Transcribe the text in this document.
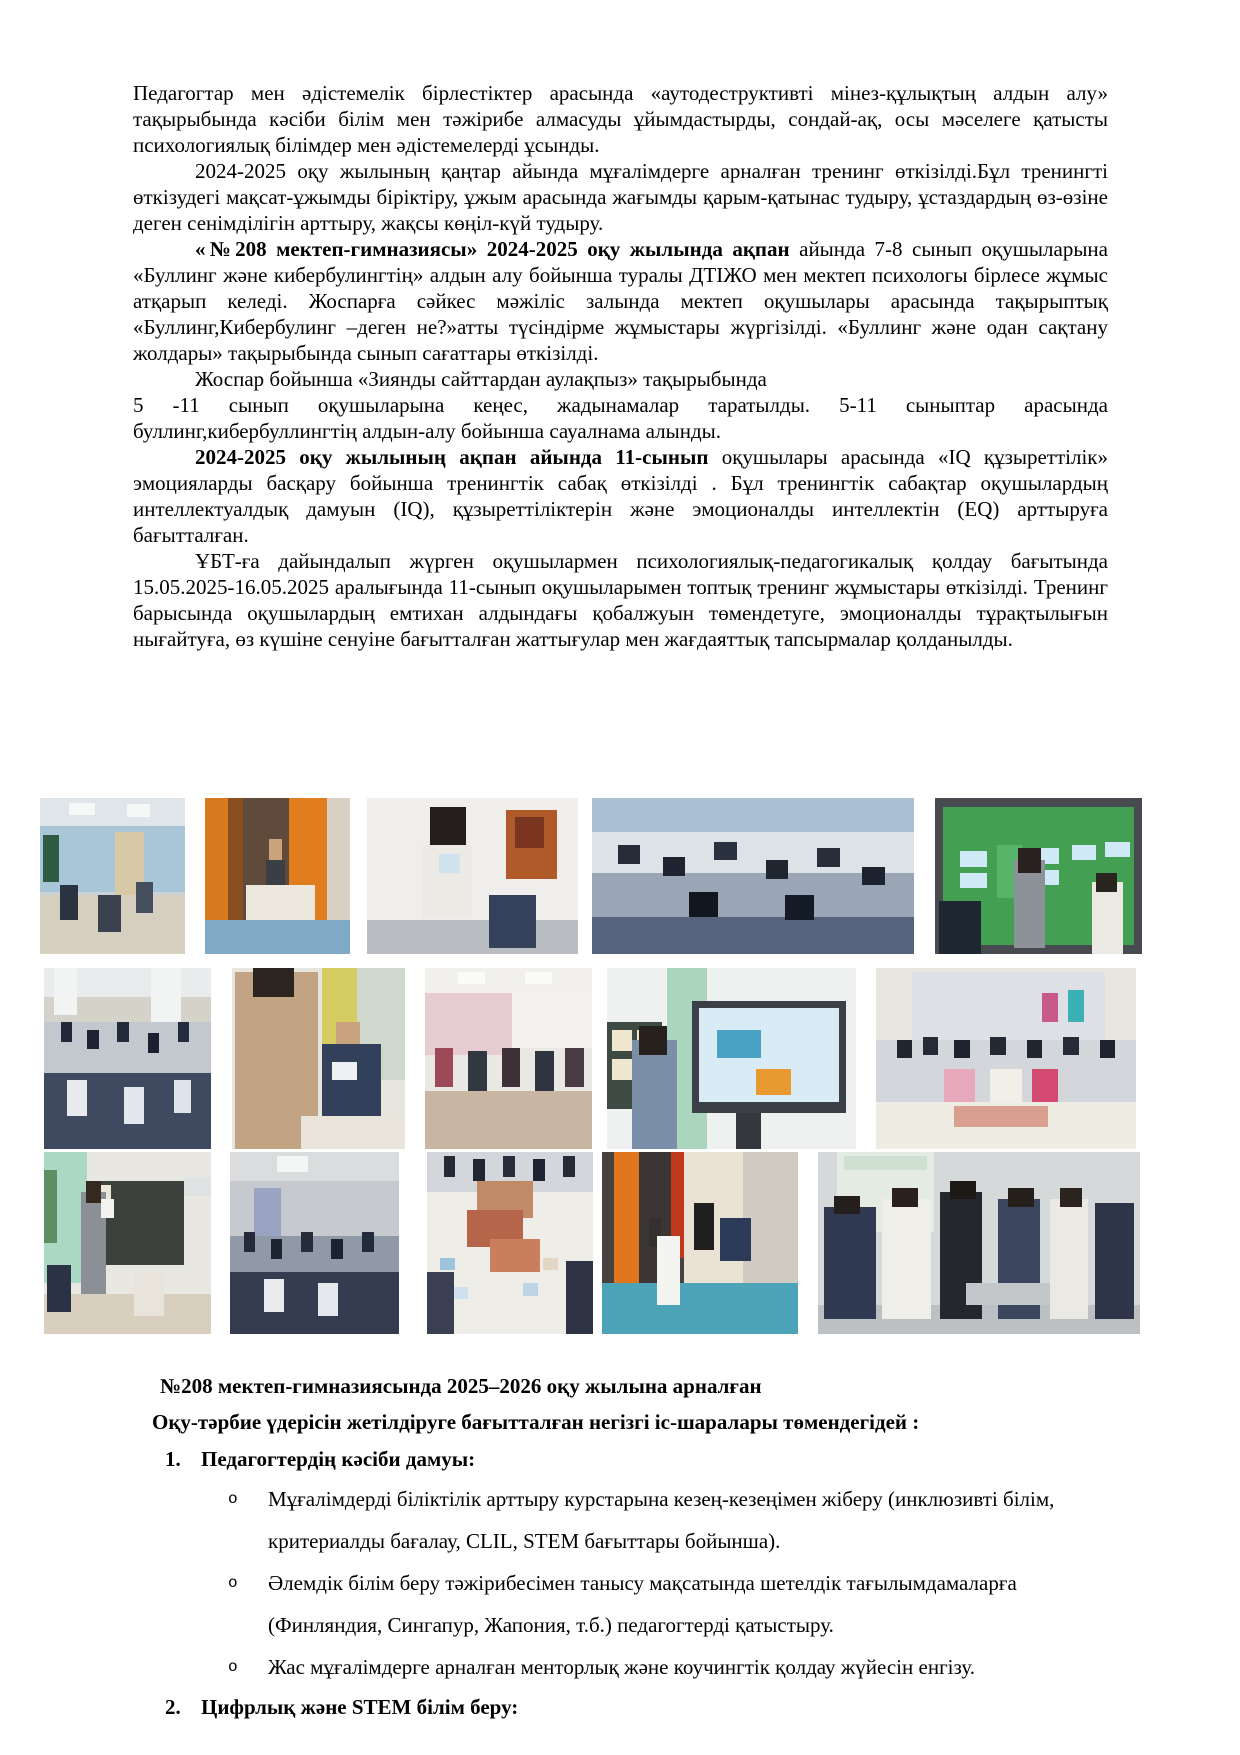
Педагогтар мен әдістемелік бірлестіктер арасында «аутодеструктивті мінез-құлықтың алдын алу» тақырыбында кәсіби білім мен тәжірибе алмасуды ұйымдастырды, сондай-ақ, осы мәселеге қатысты психологиялық білімдер мен әдістемелерді ұсынды.

2024-2025 оқу жылының қаңтар айында мұғалімдерге арналған тренинг өткізілді.Бұл тренингті өткізудегі мақсат-ұжымды біріктіру, ұжым арасында жағымды қарым-қатынас тудыру, ұстаздардың өз-өзіне деген сенімділігін арттыру, жақсы көңіл-күй тудыру.

«№208 мектеп-гимназиясы» 2024-2025 оқу жылында ақпан айында 7-8 сынып оқушыларына «Буллинг және кибербулингтің» алдын алу бойынша туралы ДТІЖО мен мектеп психологы бірлесе жұмыс атқарып келеді. Жоспарға сәйкес мәжіліс залында мектеп оқушылары арасында тақырыптық «Буллинг,Кибербулинг –деген не?»атты түсіндірме жұмыстары жүргізілді. «Буллинг және одан сақтану жолдары» тақырыбында сынып сағаттары өткізілді.

Жоспар бойынша «Зиянды сайттардан аулақпыз» тақырыбында

5 -11 сынып оқушыларына кеңес, жадынамалар таратылды. 5-11 сыныптар арасында буллинг,кибербуллингтің алдын-алу бойынша сауалнама алынды.

2024-2025 оқу жылының ақпан айында 11-сынып оқушылары арасында «IQ құзыреттілік» эмоцияларды басқару бойынша тренингтік сабақ өткізілді . Бұл тренингтік сабақтар оқушылардың интеллектуалдық дамуын (IQ), құзыреттіліктерін және эмоционалды интеллектін (EQ) арттыруға бағытталған.

ҰБТ-ға дайындалып жүрген оқушылармен психологиялық-педагогикалық қолдау бағытында 15.05.2025-16.05.2025 аралығында 11-сынып оқушыларымен топтық тренинг жұмыстары өткізілді. Тренинг барысында оқушылардың емтихан алдындағы қобалжуын төмендетуге, эмоционалды тұрақтылығын нығайтуға, өз күшіне сенуіне бағытталған жаттығулар мен жағдаяттық тапсырмалар қолданылды.

№208 мектеп-гимназиясында 2025–2026 оқу жылына арналған
Оқу-тәрбие үдерісін жетілдіруге бағытталған негізгі іс-шаралары төмендегідей :
1. Педагогтердің кәсіби дамуы:
o	Мұғалімдерді біліктілік арттыру курстарына кезең-кезеңімен жіберу (инклюзивті білім, критериалды бағалау, CLIL, STEM бағыттары бойынша).
o	Әлемдік білім беру тәжірибесімен танысу мақсатында шетелдік тағылымдамаларға (Финляндия, Сингапур, Жапония, т.б.) педагогтерді қатыстыру.
o	Жас мұғалімдерге арналған менторлық және коучингтік қолдау жүйесін енгізу.
2. Цифрлық және STEM білім беру:
